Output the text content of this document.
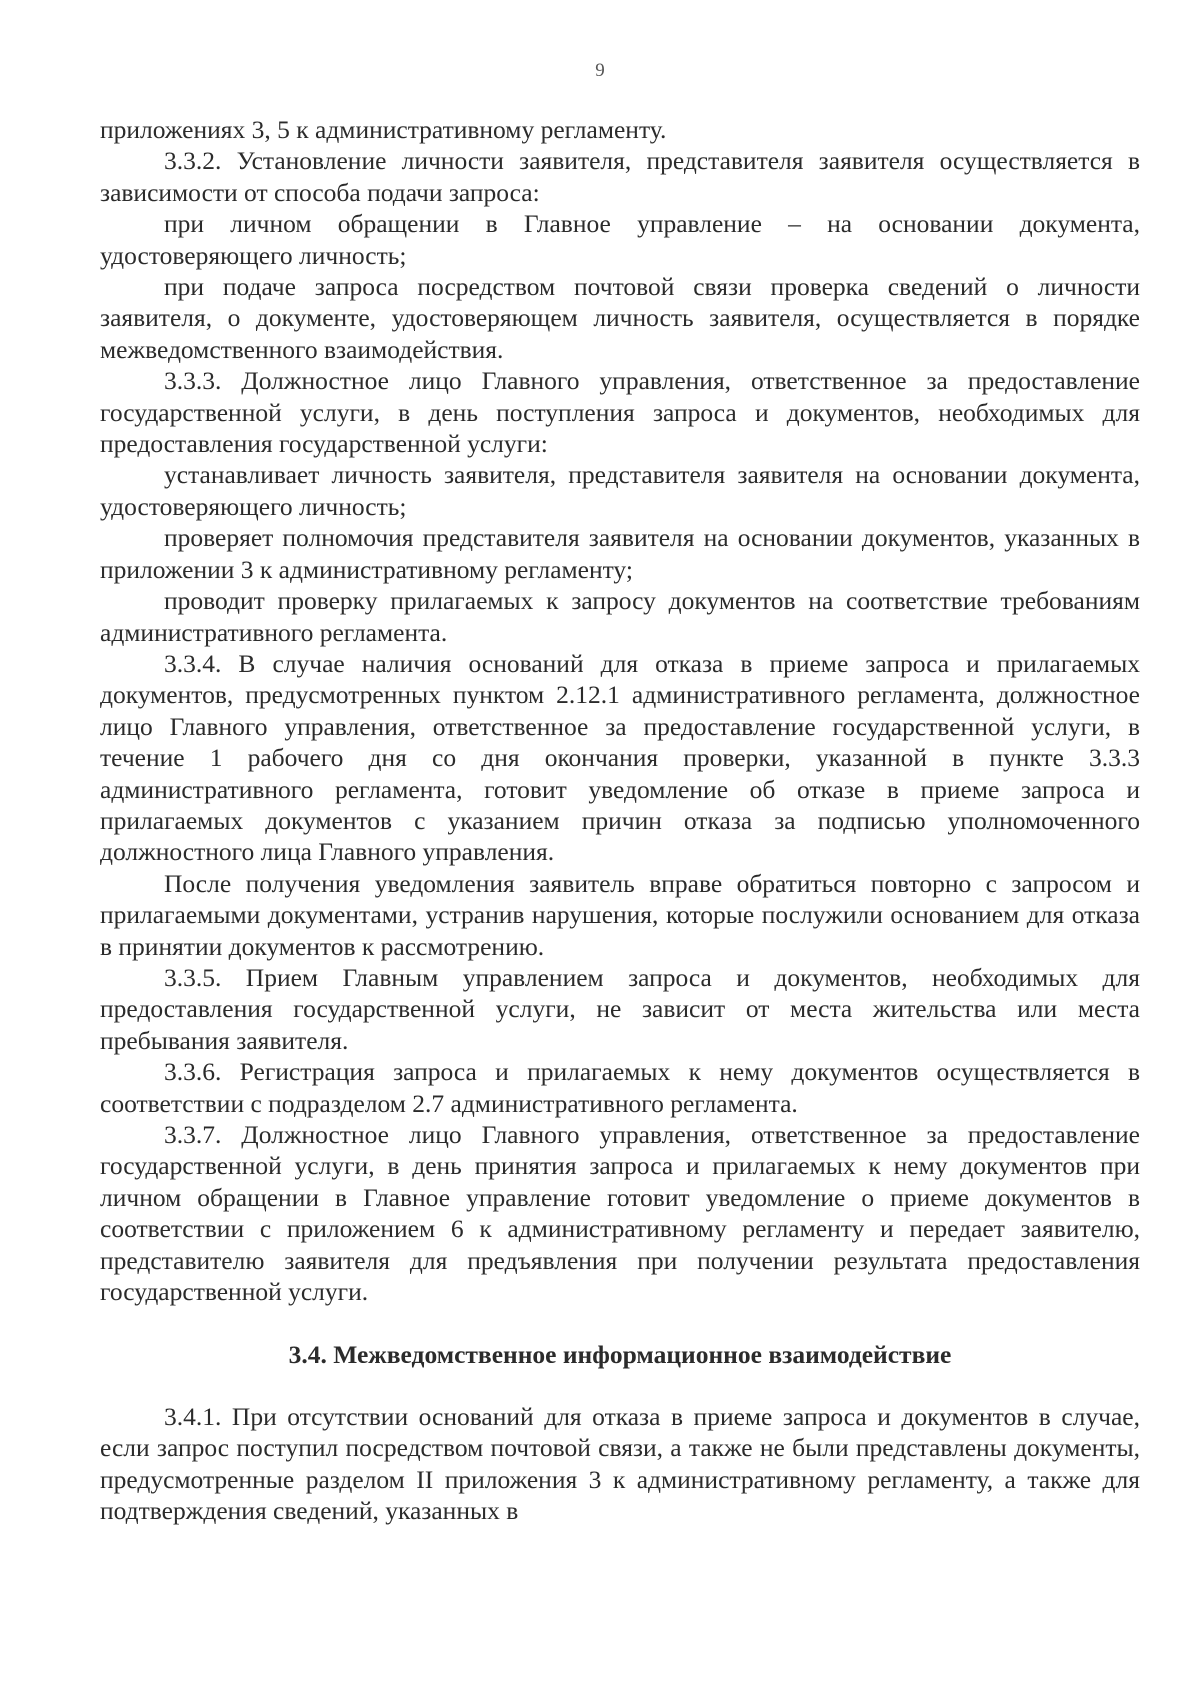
9

приложениях 3, 5 к административному регламенту.

3.3.2. Установление личности заявителя, представителя заявителя осуществляется в зависимости от способа подачи запроса:

при личном обращении в Главное управление – на основании документа, удостоверяющего личность;

при подаче запроса посредством почтовой связи проверка сведений о личности заявителя, о документе, удостоверяющем личность заявителя, осуществляется в порядке межведомственного взаимодействия.

3.3.3. Должностное лицо Главного управления, ответственное за предоставление государственной услуги, в день поступления запроса и документов, необходимых для предоставления государственной услуги:

устанавливает личность заявителя, представителя заявителя на основании документа, удостоверяющего личность;

проверяет полномочия представителя заявителя на основании документов, указанных в приложении 3 к административному регламенту;

проводит проверку прилагаемых к запросу документов на соответствие требованиям административного регламента.

3.3.4. В случае наличия оснований для отказа в приеме запроса и прилагаемых документов, предусмотренных пунктом 2.12.1 административного регламента, должностное лицо Главного управления, ответственное за предоставление государственной услуги, в течение 1 рабочего дня со дня окончания проверки, указанной в пункте 3.3.3 административного регламента, готовит уведомление об отказе в приеме запроса и прилагаемых документов с указанием причин отказа за подписью уполномоченного должностного лица Главного управления.

После получения уведомления заявитель вправе обратиться повторно с запросом и прилагаемыми документами, устранив нарушения, которые послужили основанием для отказа в принятии документов к рассмотрению.

3.3.5. Прием Главным управлением запроса и документов, необходимых для предоставления государственной услуги, не зависит от места жительства или места пребывания заявителя.

3.3.6. Регистрация запроса и прилагаемых к нему документов осуществляется в соответствии с подразделом 2.7 административного регламента.

3.3.7. Должностное лицо Главного управления, ответственное за предоставление государственной услуги, в день принятия запроса и прилагаемых к нему документов при личном обращении в Главное управление готовит уведомление о приеме документов в соответствии с приложением 6 к административному регламенту и передает заявителю, представителю заявителя для предъявления при получении результата предоставления государственной услуги.

3.4. Межведомственное информационное взаимодействие

3.4.1. При отсутствии оснований для отказа в приеме запроса и документов в случае, если запрос поступил посредством почтовой связи, а также не были представлены документы, предусмотренные разделом II приложения 3 к административному регламенту, а также для подтверждения сведений, указанных в
